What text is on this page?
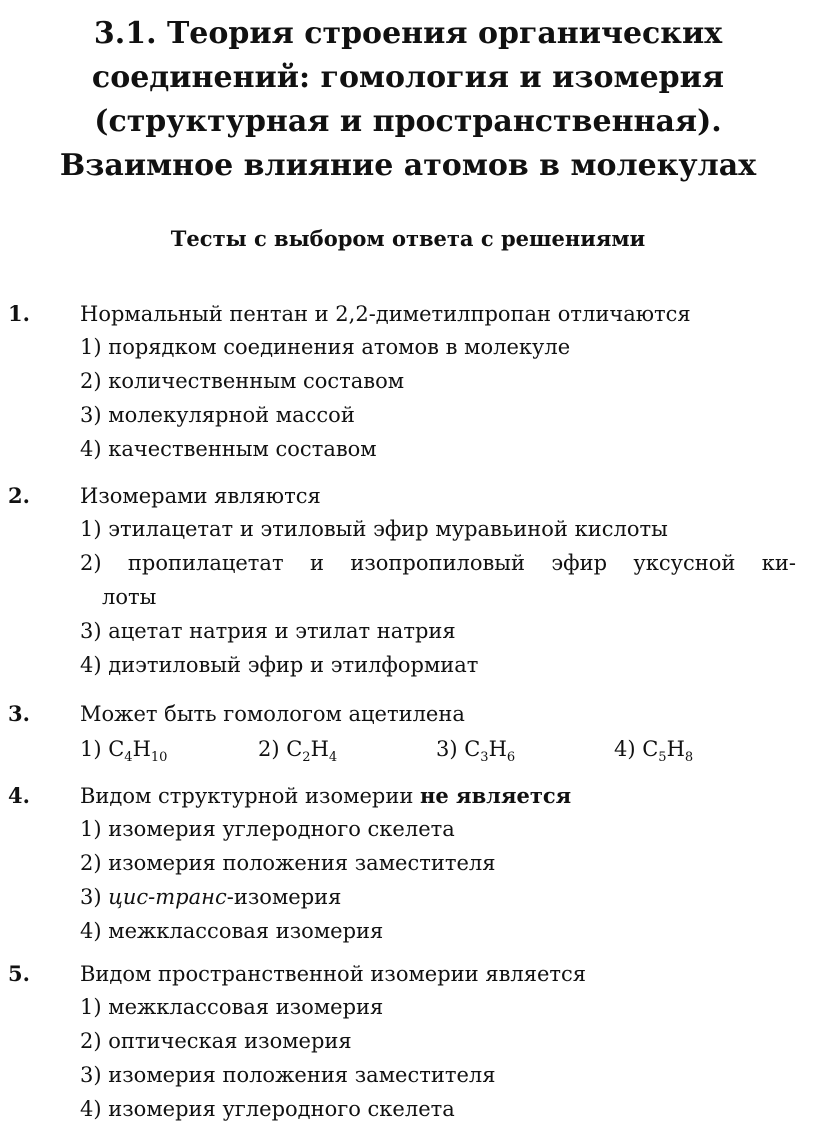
3.1. Теория строения органических
соединений: гомология и изомерия
(структурная и пространственная).
Взаимное влияние атомов в молекулах
Тесты с выбором ответа с решениями
1. Нормальный пентан и 2,2-диметилпропан отличаются
1) порядком соединения атомов в молекуле
2) количественным составом
3) молекулярной массой
4) качественным составом
2. Изомерами являются
1) этилацетат и этиловый эфир муравьиной кислоты
2) пропилацетат и изопропиловый эфир уксусной ки-
лоты
3) ацетат натрия и этилат натрия
4) диэтиловый эфир и этилформиат
3. Может быть гомологом ацетилена
1) $C_4H_{10}$	2) $C_2H_4$	3) $C_3H_6$	4) $C_5H_8$
4. Видом структурной изомерии не является
1) изомерия углеродного скелета
2) изомерия положения заместителя
3) цис-транс-изомерия
4) межклассовая изомерия
5. Видом пространственной изомерии является
1) межклассовая изомерия
2) оптическая изомерия
3) изомерия положения заместителя
4) изомерия углеродного скелета
